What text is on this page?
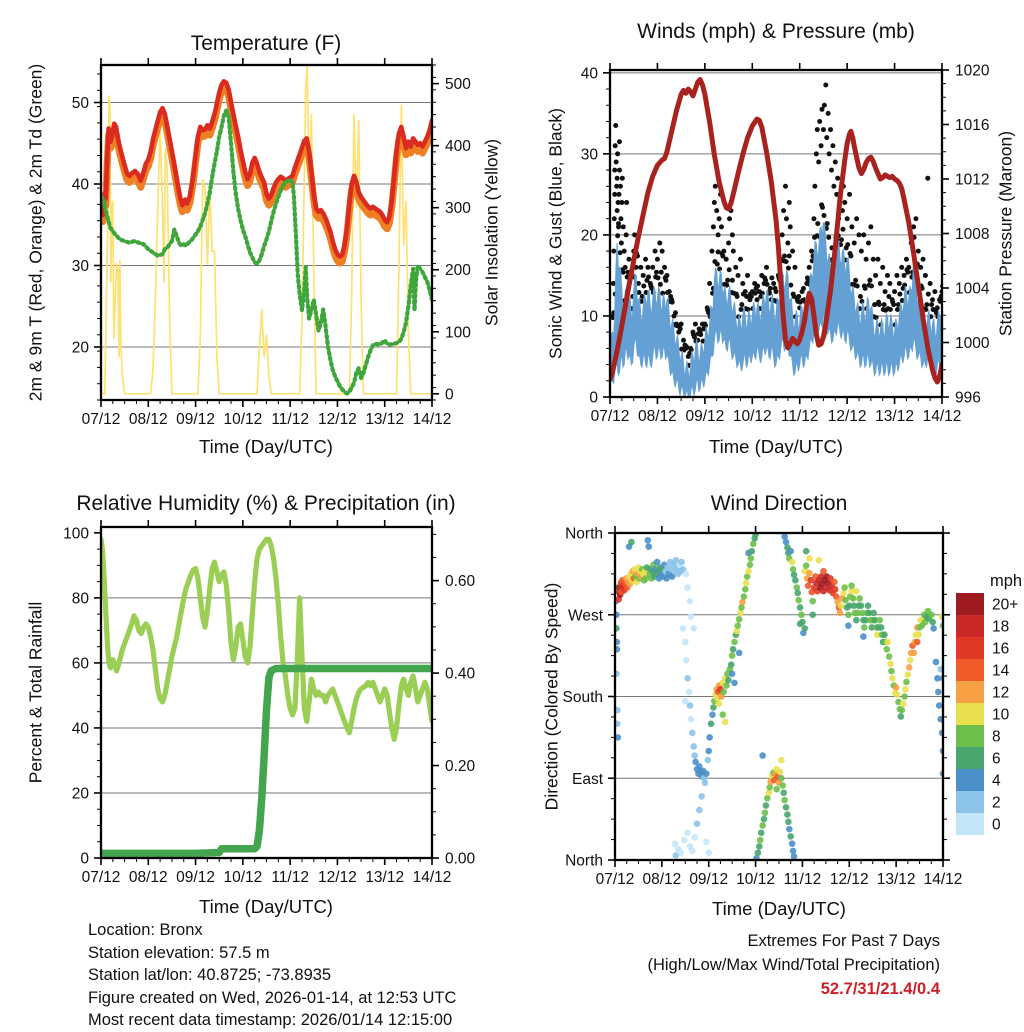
07/12 08/12 09/12 10/12 11/12 12/12 13/12 14/12
20
30
40
50
0
100
200
300
400
500
07/12 08/12 09/12 10/12 11/12 12/12 13/12 14/12
0
10
20
30
40
996
1000
1004
1008
1012
1016
1020
07/12 08/12 09/12 10/12 11/12 12/12 13/12 14/12
0
20
40
60
80
100
0.00
0.20
0.40
0.60
07/12 08/12 09/12 10/12 11/12 12/12 13/12 14/12
North
East
South
West
North
mph
20+
18
16
14
12
10
8
6
4
2
0
Temperature (F)
Winds (mph) & Pressure (mb)
Relative Humidity (%) & Precipitation (in)	Wind Direction
Time (Day/UTC)	Time (Day/UTC)
Time (Day/UTC)	Time (Day/UTC)
2m & 9m T (Red, Orange) & 2m Td (Green)	Solar Insolation (Yellow)	Sonic Wind & Gust (Blue, Black)	Station Pressure (Maroon)
Percent & Total Rainfall	Direction (Colored By Speed)
Location: Bronx
Station elevation: 57.5 m
Station lat/lon: 40.8725; -73.8935
Figure created on Wed, 2026-01-14, at 12:53 UTC
Most recent data timestamp: 2026/01/14 12:15:00
Extremes For Past 7 Days
(High/Low/Max Wind/Total Precipitation)
52.7/31/21.4/0.4
